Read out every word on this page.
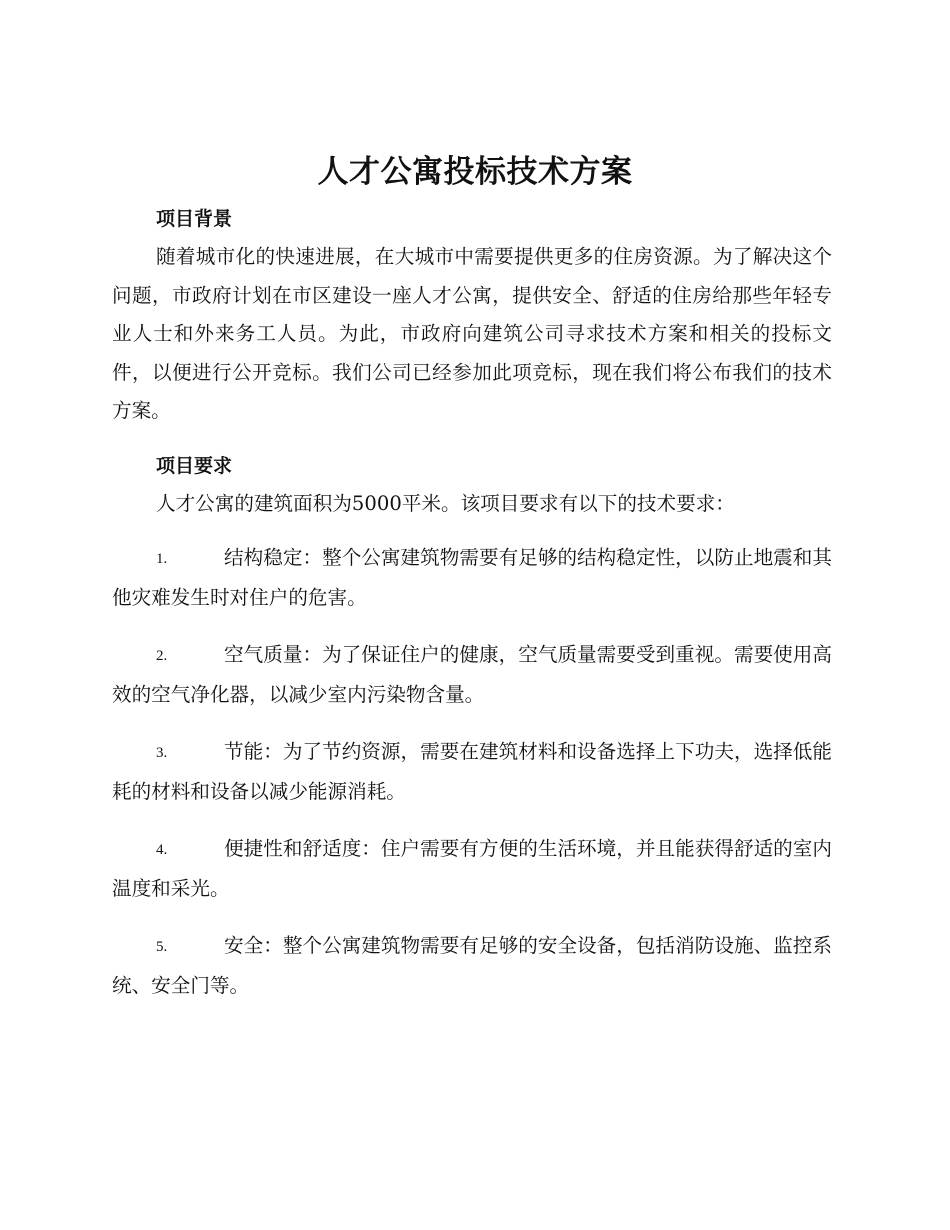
人才公寓投标技术方案
项目背景

随着城市化的快速进展，在大城市中需要提供更多的住房资源。为了解决这个问题，市政府计划在市区建设一座人才公寓，提供安全、舒适的住房给那些年轻专业人士和外来务工人员。为此，市政府向建筑公司寻求技术方案和相关的投标文件，以便进行公开竞标。我们公司已经参加此项竞标，现在我们将公布我们的技术方案。

项目要求

人才公寓的建筑面积为5000平米。该项目要求有以下的技术要求：

1.	结构稳定：整个公寓建筑物需要有足够的结构稳定性，以防止地震和其他灾难发生时对住户的危害。
2.	空气质量：为了保证住户的健康，空气质量需要受到重视。需要使用高效的空气净化器，以减少室内污染物含量。
3.	节能：为了节约资源，需要在建筑材料和设备选择上下功夫，选择低能耗的材料和设备以减少能源消耗。
4.	便捷性和舒适度：住户需要有方便的生活环境，并且能获得舒适的室内温度和采光。
5.	安全：整个公寓建筑物需要有足够的安全设备，包括消防设施、监控系统、安全门等。
